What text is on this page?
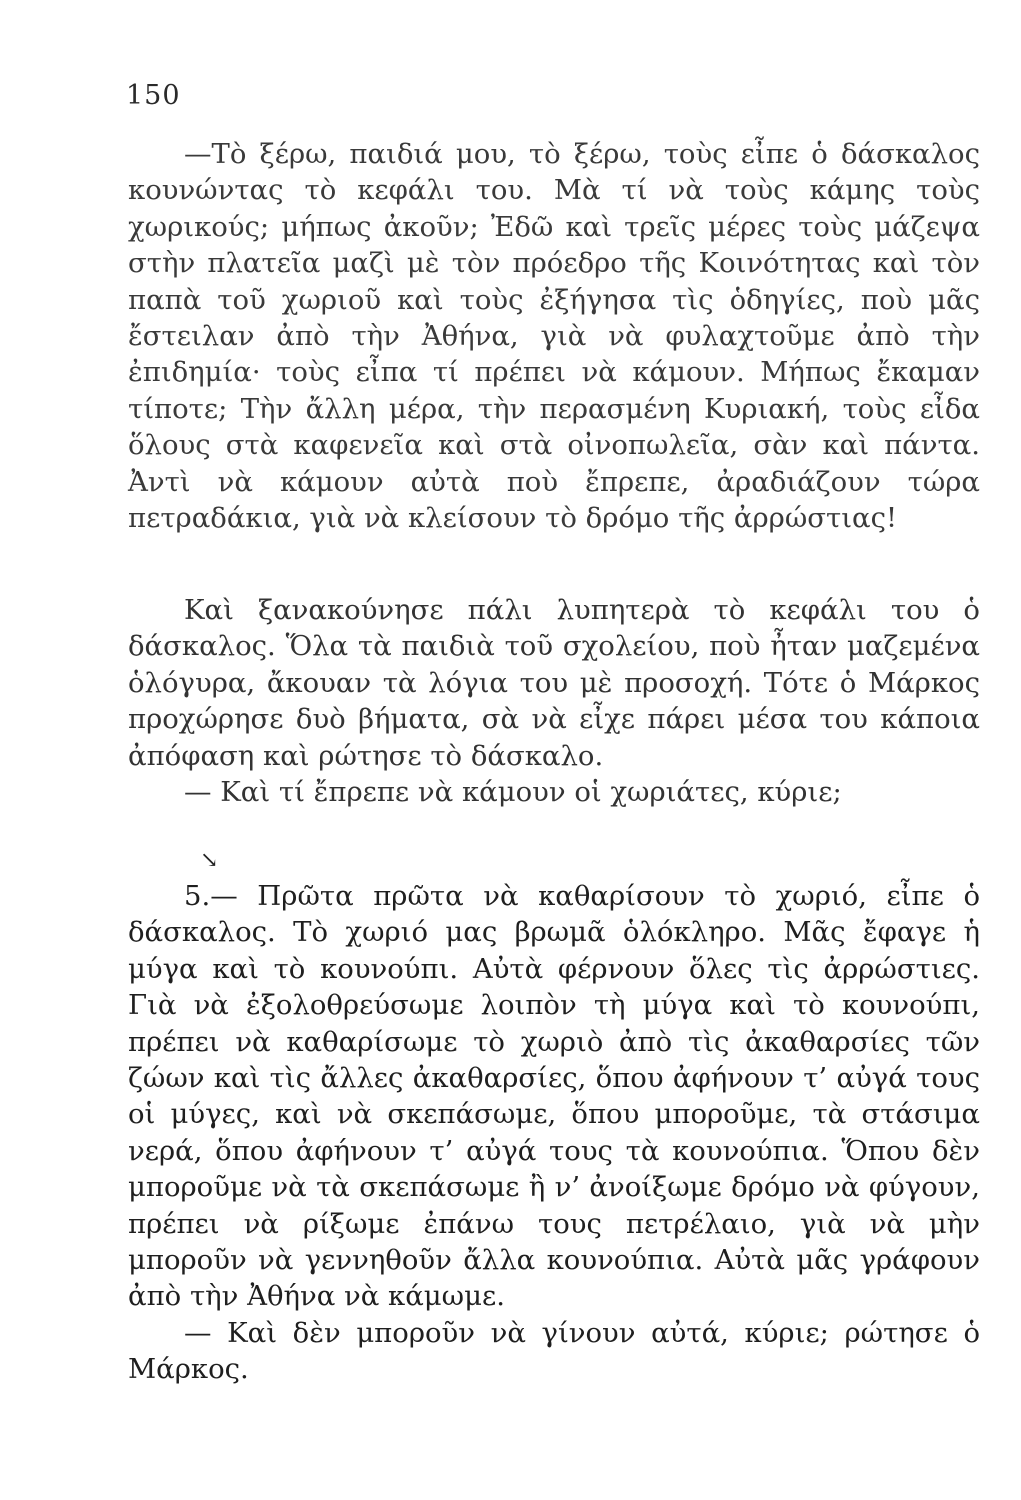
150

—Τὸ ξέρω, παιδιά μου, τὸ ξέρω, τοὺς εἶπε ὁ δάσκαλος κουνώντας τὸ κεφάλι του. Μὰ τί νὰ τοὺς κάμης τοὺς χωρικούς; μήπως ἀκοῦν; Ἐδῶ καὶ τρεῖς μέρες τοὺς μάζεψα στὴν πλατεῖα μαζὶ μὲ τὸν πρόεδρο τῆς Κοινότητας καὶ τὸν παπὰ τοῦ χωριοῦ καὶ τοὺς ἐξήγησα τὶς ὁδηγίες, ποὺ μᾶς ἔστειλαν ἀπὸ τὴν Ἀθήνα, γιὰ νὰ φυλαχτοῦμε ἀπὸ τὴν ἐπιδημία· τοὺς εἶπα τί πρέπει νὰ κάμουν. Μήπως ἔκαμαν τίποτε; Τὴν ἄλλη μέρα, τὴν περασμένη Κυριακή, τοὺς εἶδα ὅλους στὰ καφενεῖα καὶ στὰ οἰνοπωλεῖα, σὰν καὶ πάντα. Ἀντὶ νὰ κάμουν αὐτὰ ποὺ ἔπρεπε, ἀραδιάζουν τώρα πετραδάκια, γιὰ νὰ κλείσουν τὸ δρόμο τῆς ἀρρώστιας!

Καὶ ξανακούνησε πάλι λυπητερὰ τὸ κεφάλι του ὁ δάσκαλος. Ὅλα τὰ παιδιὰ τοῦ σχολείου, ποὺ ἦταν μαζεμένα ὁλόγυρα, ἄκουαν τὰ λόγια του μὲ προσοχή. Τότε ὁ Μάρκος προχώρησε δυὸ βήματα, σὰ νὰ εἶχε πάρει μέσα του κάποια ἀπόφαση καὶ ρώτησε τὸ δάσκαλο.

— Καὶ τί ἔπρεπε νὰ κάμουν οἱ χωριάτες, κύριε;

↘

5.— Πρῶτα πρῶτα νὰ καθαρίσουν τὸ χωριό, εἶπε ὁ δάσκαλος. Τὸ χωριό μας βρωμᾶ ὁλόκληρο. Μᾶς ἔφαγε ἡ μύγα καὶ τὸ κουνούπι. Αὐτὰ φέρνουν ὅλες τὶς ἀρρώστιες. Γιὰ νὰ ἐξολοθρεύσωμε λοιπὸν τὴ μύγα καὶ τὸ κουνούπι, πρέπει νὰ καθαρίσωμε τὸ χωριὸ ἀπὸ τὶς ἀκαθαρσίες τῶν ζώων καὶ τὶς ἄλλες ἀκαθαρσίες, ὅπου ἀφήνουν τ’ αὐγά τους οἱ μύγες, καὶ νὰ σκεπάσωμε, ὅπου μποροῦμε, τὰ στάσιμα νερά, ὅπου ἀφήνουν τ’ αὐγά τους τὰ κουνούπια. Ὅπου δὲν μποροῦμε νὰ τὰ σκεπάσωμε ἢ ν’ ἀνοίξωμε δρόμο νὰ φύγουν, πρέπει νὰ ρίξωμε ἐπάνω τους πετρέλαιο, γιὰ νὰ μὴν μποροῦν νὰ γεννηθοῦν ἄλλα κουνούπια. Αὐτὰ μᾶς γράφουν ἀπὸ τὴν Ἀθήνα νὰ κάμωμε.

— Καὶ δὲν μποροῦν νὰ γίνουν αὐτά, κύριε; ρώτησε ὁ Μάρκος.
